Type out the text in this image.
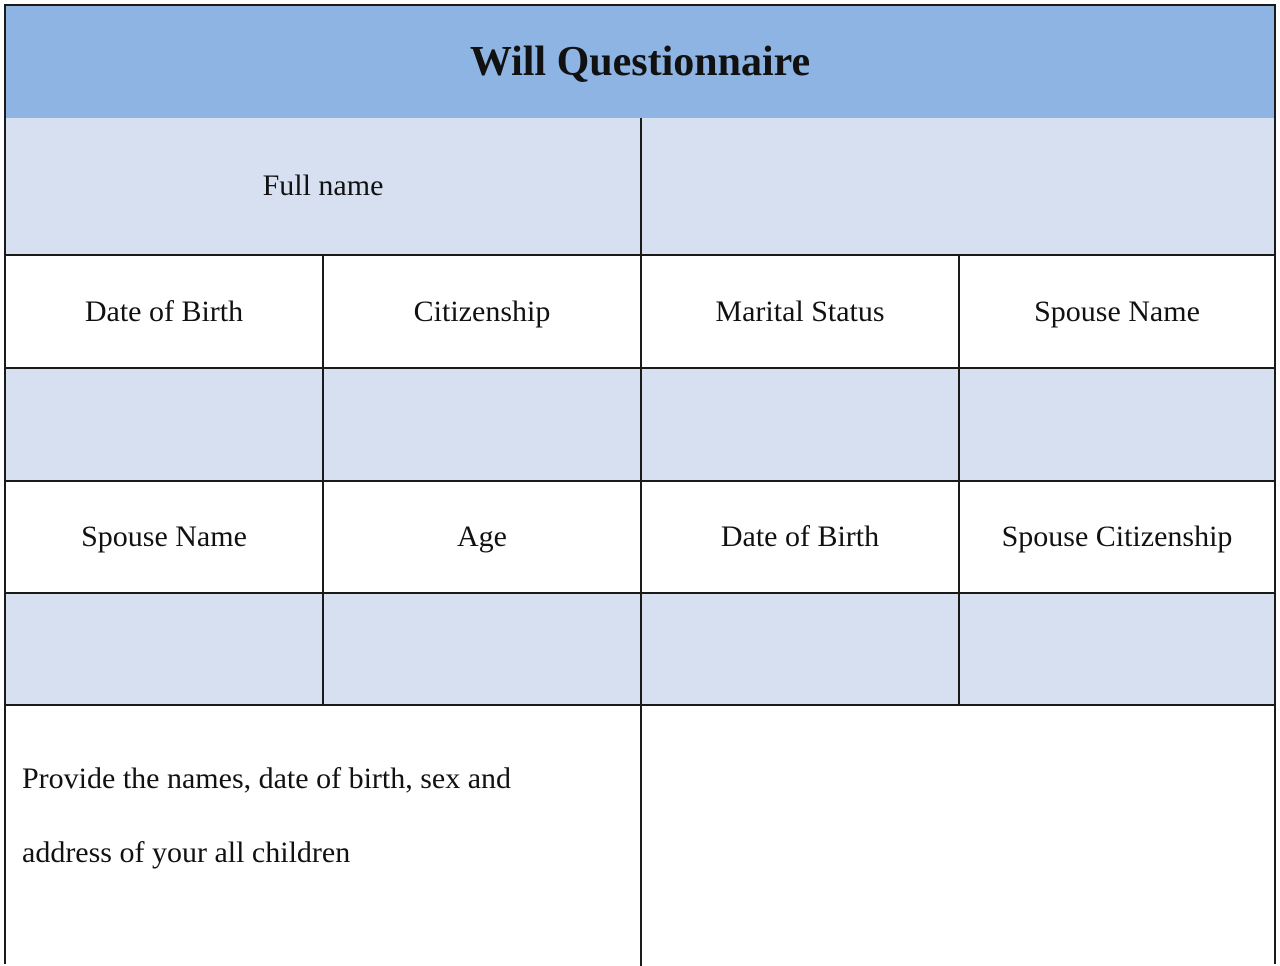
Will Questionnaire
Full name
Date of Birth	Citizenship	Marital Status	Spouse Name
Spouse Name	Age	Date of Birth	Spouse Citizenship
Provide the names, date of birth, sex and
address of your all children
